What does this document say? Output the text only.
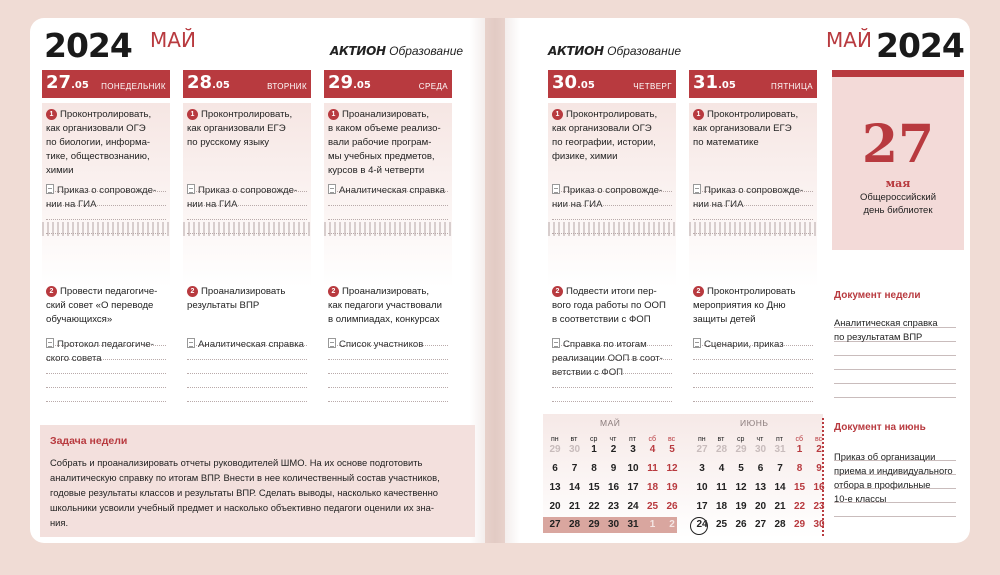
2024 МАЙ	АКТИОН Образование	АКТИОН Образование	МАЙ 2024
27.05 ПОНЕДЕЛЬНИК
1 Проконтролировать,
как организовали ОГЭ
по биологии, информа-
тике, обществознанию,
химии
Приказ о сопровожде-
нии на ГИА
2 Провести педагогиче-
ский совет «О переводе
обучающихся»
Протокол педагогиче-
ского совета
28.05	ВТОРНИК
1 Проконтролировать,
как организовали ЕГЭ
по русскому языку
Приказ о сопровожде-
нии на ГИА
2 Проанализировать
результаты ВПР
Аналитическая справка
29.05	СРЕДА
1 Проанализировать,
в каком объеме реализо-
вали рабочие програм-
мы учебных предметов,
курсов в 4-й четверти
Аналитическая справка
2 Проанализировать,
как педагоги участвовали
в олимпиадах, конкурсах
Список участников
30.05	ЧЕТВЕРГ
1 Проконтролировать,
как организовали ОГЭ
по географии, истории,
физике, химии
Приказ о сопровожде-
нии на ГИА
2 Подвести итоги пер-
вого года работы по ООП
в соответствии с ФОП
Справка по итогам
реализации ООП в соот-
ветствии с ФОП
31.05	ПЯТНИЦА
1 Проконтролировать,
как организовали ЕГЭ
по математике
Приказ о сопровожде-
нии на ГИА
2 Проконтролировать
мероприятия ко Дню
защиты детей
Сценарии, приказ
Задача недели
Собрать и проанализировать отчеты руководителей ШМО. На их основе подготовить
аналитическую справку по итогам ВПР. Внести в нее количественный состав участников,
годовые результаты классов и результаты ВПР. Сделать выводы, насколько качественно
школьники усвоили учебный предмет и насколько объективно педагоги оценили их зна-
ния.
27
мая
Общероссийский
день библиотек
Документ недели
Аналитическая справка
по результатам ВПР
Документ на июнь
Приказ об организации
приема и индивидуального
отбора в профильные
10-е классы
МАЙ
пн вт ср чт пт сб вс
29 30	1	2	3	4	5
6	7	8	9	10 11 12
13 14 15 16 17 18 19
20 21 22 23 24 25 26
27 28 29 30 31	1	2
ИЮНЬ
пн вт ср чт пт сб вс
27 28 29 30 31	1	2
3	4	5	6	7	8	9
10 11 12 13 14 15 16
17 18 19 20 21 22 23
24 25 26 27 28 29 30
